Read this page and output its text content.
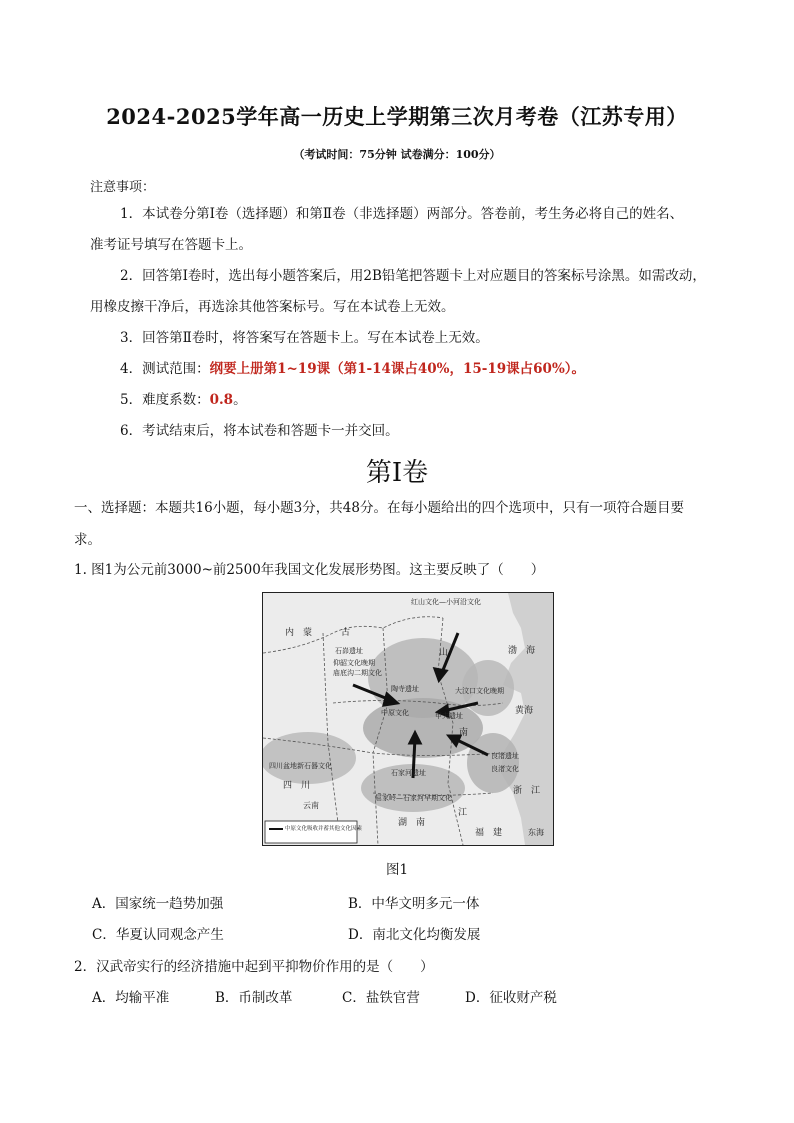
2024-2025学年高一历史上学期第三次月考卷（江苏专用）
（考试时间：75分钟 试卷满分：100分）
注意事项：
1．本试卷分第Ⅰ卷（选择题）和第Ⅱ卷（非选择题）两部分。答卷前，考生务必将自己的姓名、
准考证号填写在答题卡上。
2．回答第Ⅰ卷时，选出每小题答案后，用2B铅笔把答题卡上对应题目的答案标号涂黑。如需改动，
用橡皮擦干净后，再选涂其他答案标号。写在本试卷上无效。
3．回答第Ⅱ卷时，将答案写在答题卡上。写在本试卷上无效。
4．测试范围：纲要上册第1~19课（第1-14课占40%，15-19课占60%）。
5．难度系数：0.8。
6．考试结束后，将本试卷和答题卡一并交回。
第Ⅰ卷
一、选择题：本题共16小题，每小题3分，共48分。在每小题给出的四个选项中，只有一项符合题目要
求。
1. 图1为公元前3000~前2500年我国文化发展形势图。这主要反映了（　　）
红山文化—小河沿文化
内　蒙	古
石峁遗址
仰韶文化晚期
庙底沟二期文化
陶寺遗址	大汶口文化晚期
中原文化	甲夫遗址
山
南
四川盆地新石器文化
四　川
石家河遗址
屈家岭—石家河早期文化
良渚遗址
良渚文化
云南
湖　南
江
福　建
浙　江
东海
渤　海
黄海
中原文化吸收并蓄其他文化因素
图1
A．国家统一趋势加强	B．中华文明多元一体
C．华夏认同观念产生	D．南北文化均衡发展
2．汉武帝实行的经济措施中起到平抑物价作用的是（　　）
A．均输平准	B．币制改革	C．盐铁官营	D．征收财产税
